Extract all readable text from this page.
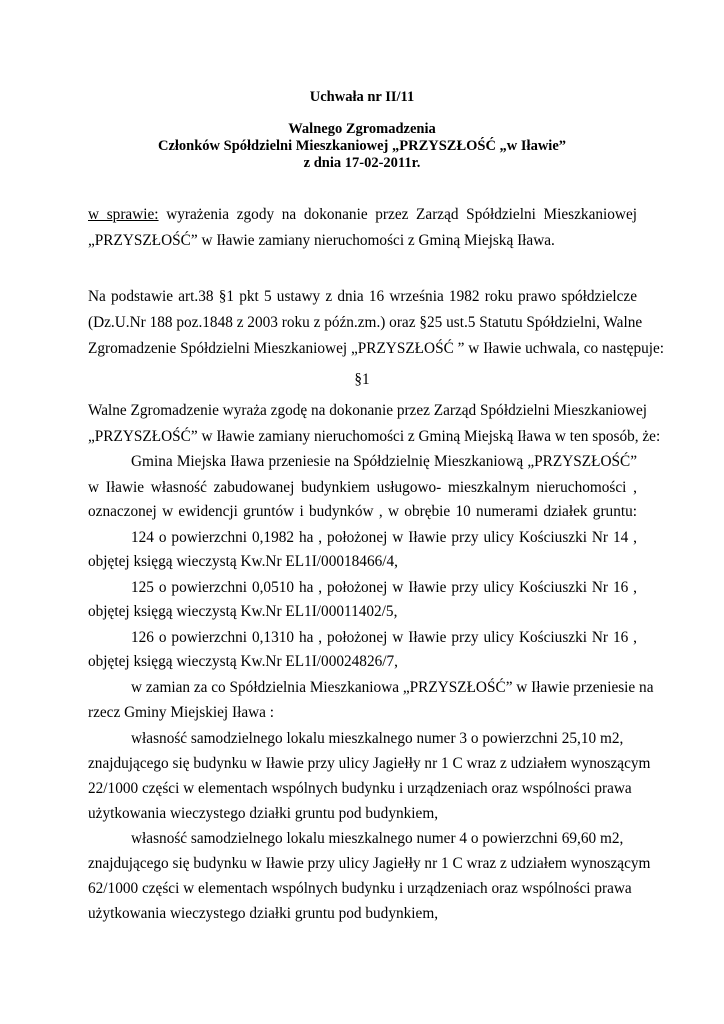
Uchwała nr II/11
Walnego Zgromadzenia
Członków Spółdzielni Mieszkaniowej „PRZYSZŁOŚĆ „w Iławie”
z dnia 17-02-2011r.
w sprawie: wyrażenia zgody na dokonanie przez Zarząd Spółdzielni Mieszkaniowej
„PRZYSZŁOŚĆ” w Iławie zamiany nieruchomości z Gminą Miejską Iława.
Na podstawie art.38 §1 pkt 5 ustawy z dnia 16 września 1982 roku prawo spółdzielcze
(Dz.U.Nr 188 poz.1848 z 2003 roku z późn.zm.) oraz §25 ust.5 Statutu Spółdzielni, Walne
Zgromadzenie Spółdzielni Mieszkaniowej „PRZYSZŁOŚĆ ” w Iławie uchwala, co następuje:
§1
Walne Zgromadzenie wyraża zgodę na dokonanie przez Zarząd Spółdzielni Mieszkaniowej
„PRZYSZŁOŚĆ” w Iławie zamiany nieruchomości z Gminą Miejską Iława w ten sposób, że:
Gmina Miejska Iława przeniesie na Spółdzielnię Mieszkaniową „PRZYSZŁOŚĆ”
w Iławie własność zabudowanej budynkiem usługowo- mieszkalnym nieruchomości ,
oznaczonej w ewidencji gruntów i budynków , w obrębie 10 numerami działek gruntu:
124 o powierzchni 0,1982 ha , położonej w Iławie przy ulicy Kościuszki Nr 14 ,
objętej księgą wieczystą Kw.Nr EL1I/00018466/4,
125 o powierzchni 0,0510 ha , położonej w Iławie przy ulicy Kościuszki Nr 16 ,
objętej księgą wieczystą Kw.Nr EL1I/00011402/5,
126 o powierzchni 0,1310 ha , położonej w Iławie przy ulicy Kościuszki Nr 16 ,
objętej księgą wieczystą Kw.Nr EL1I/00024826/7,
w zamian za co Spółdzielnia Mieszkaniowa „PRZYSZŁOŚĆ” w Iławie przeniesie na
rzecz Gminy Miejskiej Iława :
własność samodzielnego lokalu mieszkalnego numer 3 o powierzchni 25,10 m2,
znajdującego się budynku w Iławie przy ulicy Jagiełły nr 1 C wraz z udziałem wynoszącym
22/1000 części w elementach wspólnych budynku i urządzeniach oraz wspólności prawa
użytkowania wieczystego działki gruntu pod budynkiem,
własność samodzielnego lokalu mieszkalnego numer 4 o powierzchni 69,60 m2,
znajdującego się budynku w Iławie przy ulicy Jagiełły nr 1 C wraz z udziałem wynoszącym
62/1000 części w elementach wspólnych budynku i urządzeniach oraz wspólności prawa
użytkowania wieczystego działki gruntu pod budynkiem,
